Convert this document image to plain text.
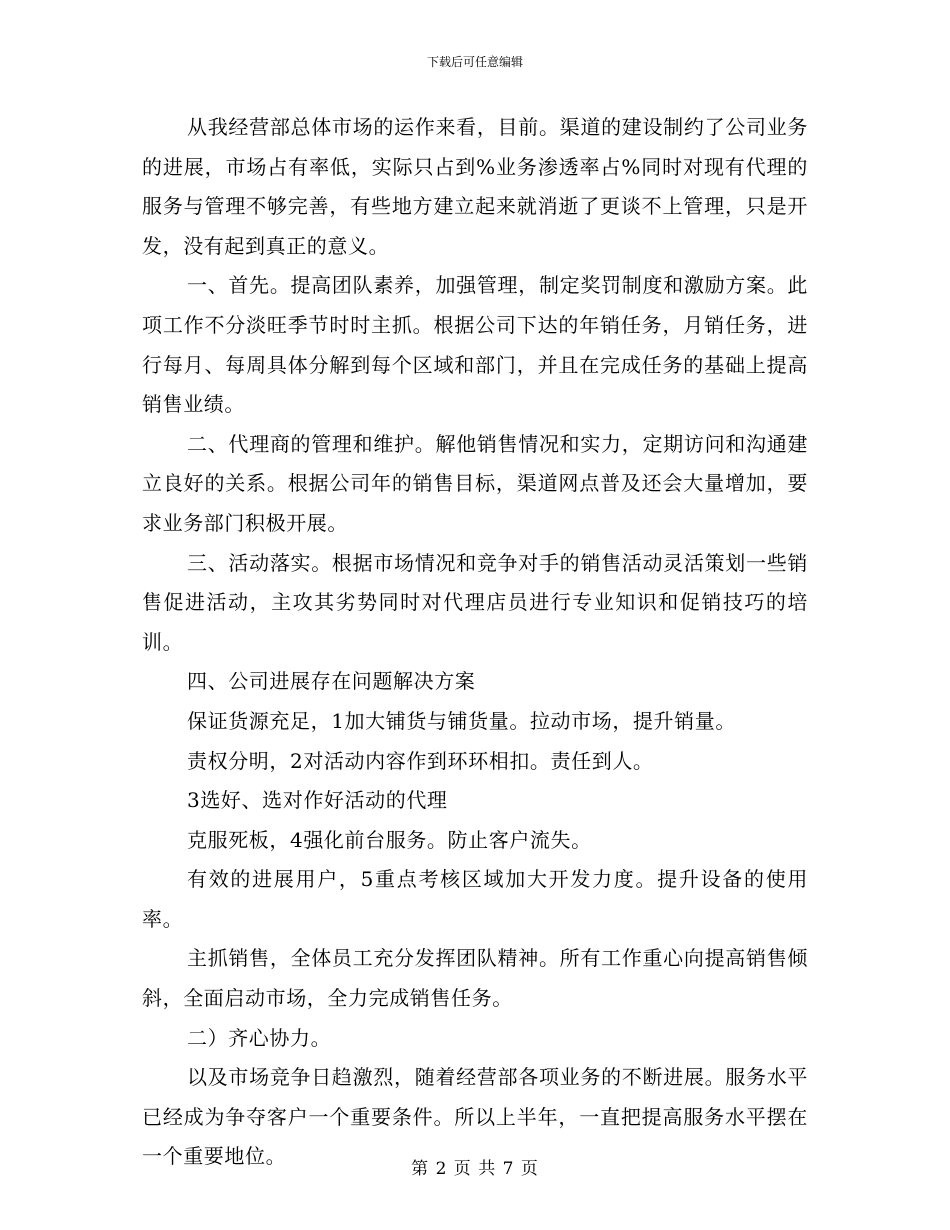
下载后可任意编辑

从我经营部总体市场的运作来看，目前。渠道的建设制约了公司业务的进展，市场占有率低，实际只占到%业务渗透率占%同时对现有代理的服务与管理不够完善，有些地方建立起来就消逝了更谈不上管理，只是开发，没有起到真正的意义。

一、首先。提高团队素养，加强管理，制定奖罚制度和激励方案。此项工作不分淡旺季节时时主抓。根据公司下达的年销任务，月销任务，进行每月、每周具体分解到每个区域和部门，并且在完成任务的基础上提高销售业绩。

二、代理商的管理和维护。解他销售情况和实力，定期访问和沟通建立良好的关系。根据公司年的销售目标，渠道网点普及还会大量增加，要求业务部门积极开展。

三、活动落实。根据市场情况和竞争对手的销售活动灵活策划一些销售促进活动，主攻其劣势同时对代理店员进行专业知识和促销技巧的培训。

四、公司进展存在问题解决方案

保证货源充足，1加大铺货与铺货量。拉动市场，提升销量。

责权分明，2对活动内容作到环环相扣。责任到人。

3选好、选对作好活动的代理

克服死板，4强化前台服务。防止客户流失。

有效的进展用户，5重点考核区域加大开发力度。提升设备的使用率。

主抓销售，全体员工充分发挥团队精神。所有工作重心向提高销售倾斜，全面启动市场，全力完成销售任务。

二）齐心协力。

以及市场竞争日趋激烈，随着经营部各项业务的不断进展。服务水平已经成为争夺客户一个重要条件。所以上半年，一直把提高服务水平摆在一个重要地位。

第 2 页 共 7 页
